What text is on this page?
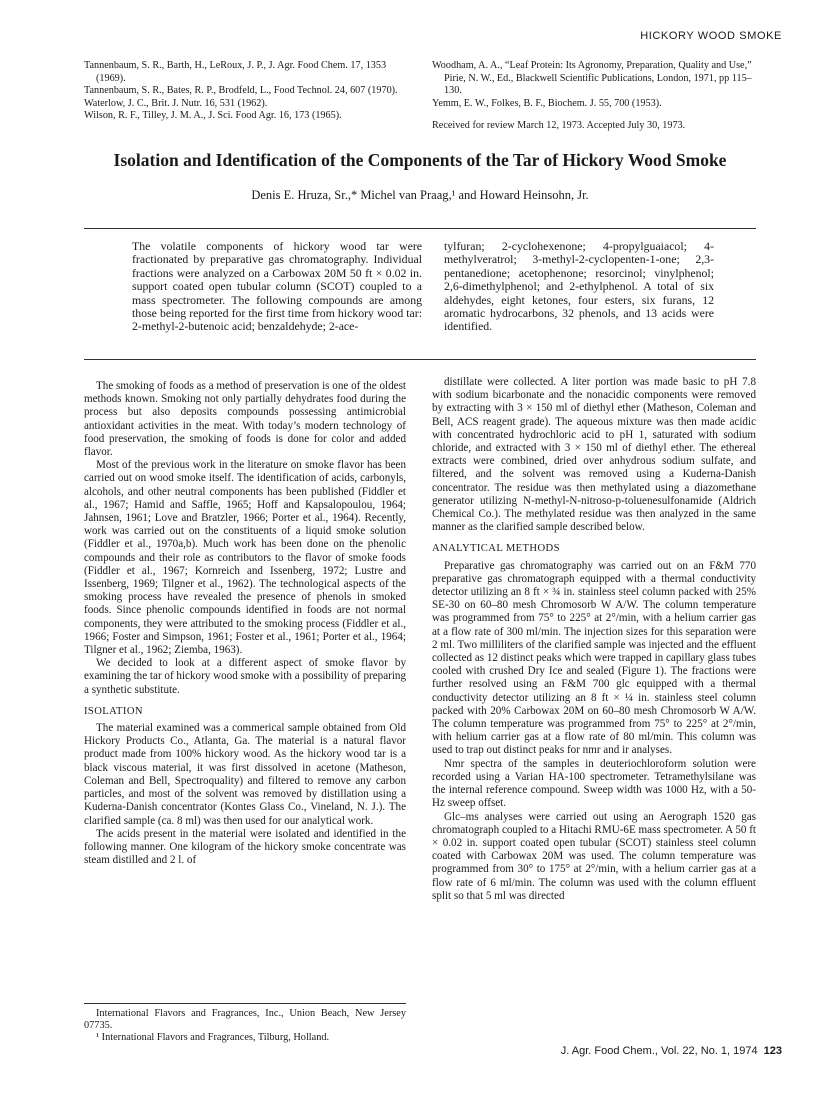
HICKORY WOOD SMOKE

Tannenbaum, S. R., Barth, H., LeRoux, J. P., J. Agr. Food Chem. 17, 1353 (1969).

Tannenbaum, S. R., Bates, R. P., Brodfeld, L., Food Technol. 24, 607 (1970).

Waterlow, J. C., Brit. J. Nutr. 16, 531 (1962).

Wilson, R. F., Tilley, J. M. A., J. Sci. Food Agr. 16, 173 (1965).

Woodham, A. A., “Leaf Protein: Its Agronomy, Preparation, Quality and Use,” Pirie, N. W., Ed., Blackwell Scientific Publications, London, 1971, pp 115–130.

Yemm, E. W., Folkes, B. F., Biochem. J. 55, 700 (1953).

Received for review March 12, 1973. Accepted July 30, 1973.

Isolation and Identification of the Components of the Tar of Hickory Wood Smoke
Denis E. Hruza, Sr.,* Michel van Praag,¹ and Howard Heinsohn, Jr.
The volatile components of hickory wood tar were fractionated by preparative gas chromatography. Individual fractions were analyzed on a Carbowax 20M 50 ft × 0.02 in. support coated open tubular column (SCOT) coupled to a mass spectrometer. The following compounds are among those being reported for the first time from hickory wood tar: 2-methyl-2-butenoic acid; benzaldehyde; 2-ace-
tylfuran; 2-cyclohexenone; 4-propylguaiacol; 4-methylveratrol; 3-methyl-2-cyclopenten-1-one; 2,3-pentanedione; acetophenone; resorcinol; vinylphenol; 2,6-dimethylphenol; and 2-ethylphenol. A total of six aldehydes, eight ketones, four esters, six furans, 12 aromatic hydrocarbons, 32 phenols, and 13 acids were identified.

The smoking of foods as a method of preservation is one of the oldest methods known. Smoking not only partially dehydrates food during the process but also deposits compounds possessing antimicrobial antioxidant activities in the meat. With today’s modern technology of food preservation, the smoking of foods is done for color and added flavor.

Most of the previous work in the literature on smoke flavor has been carried out on wood smoke itself. The identification of acids, carbonyls, alcohols, and other neutral components has been published (Fiddler et al., 1967; Hamid and Saffle, 1965; Hoff and Kapsalopoulou, 1964; Jahnsen, 1961; Love and Bratzler, 1966; Porter et al., 1964). Recently, work was carried out on the constituents of a liquid smoke solution (Fiddler et al., 1970a,b). Much work has been done on the phenolic compounds and their role as contributors to the flavor of smoke foods (Fiddler et al., 1967; Kornreich and Issenberg, 1972; Lustre and Issenberg, 1969; Tilgner et al., 1962). The technological aspects of the smoking process have revealed the presence of phenols in smoked foods. Since phenolic compounds identified in foods are not normal components, they were attributed to the smoking process (Fiddler et al., 1966; Foster and Simpson, 1961; Foster et al., 1961; Porter et al., 1964; Tilgner et al., 1962; Ziemba, 1963).

We decided to look at a different aspect of smoke flavor by examining the tar of hickory wood smoke with a possibility of preparing a synthetic substitute.

ISOLATION

The material examined was a commerical sample obtained from Old Hickory Products Co., Atlanta, Ga. The material is a natural flavor product made from 100% hickory wood. As the hickory wood tar is a black viscous material, it was first dissolved in acetone (Matheson, Coleman and Bell, Spectroquality) and filtered to remove any carbon particles, and most of the solvent was removed by distillation using a Kuderna-Danish concentrator (Kontes Glass Co., Vineland, N. J.). The clarified sample (ca. 8 ml) was then used for our analytical work.

The acids present in the material were isolated and identified in the following manner. One kilogram of the hickory smoke concentrate was steam distilled and 2 l. of

International Flavors and Fragrances, Inc., Union Beach, New Jersey 07735.

¹ International Flavors and Fragrances, Tilburg, Holland.

distillate were collected. A liter portion was made basic to pH 7.8 with sodium bicarbonate and the nonacidic components were removed by extracting with 3 × 150 ml of diethyl ether (Matheson, Coleman and Bell, ACS reagent grade). The aqueous mixture was then made acidic with concentrated hydrochloric acid to pH 1, saturated with sodium chloride, and extracted with 3 × 150 ml of diethyl ether. The ethereal extracts were combined, dried over anhydrous sodium sulfate, and filtered, and the solvent was removed using a Kuderna-Danish concentrator. The residue was then methylated using a diazomethane generator utilizing N-methyl-N-nitroso-p-toluenesulfonamide (Aldrich Chemical Co.). The methylated residue was then analyzed in the same manner as the clarified sample described below.

ANALYTICAL METHODS

Preparative gas chromatography was carried out on an F&M 770 preparative gas chromatograph equipped with a thermal conductivity detector utilizing an 8 ft × ¾ in. stainless steel column packed with 25% SE-30 on 60–80 mesh Chromosorb W A/W. The column temperature was programmed from 75° to 225° at 2°/min, with a helium carrier gas at a flow rate of 300 ml/min. The injection sizes for this separation were 2 ml. Two milliliters of the clarified sample was injected and the effluent collected as 12 distinct peaks which were trapped in capillary glass tubes cooled with crushed Dry Ice and sealed (Figure 1). The fractions were further resolved using an F&M 700 glc equipped with a thermal conductivity detector utilizing an 8 ft × ¼ in. stainless steel column packed with 20% Carbowax 20M on 60–80 mesh Chromosorb W A/W. The column temperature was programmed from 75° to 225° at 2°/min, with helium carrier gas at a flow rate of 80 ml/min. This column was used to trap out distinct peaks for nmr and ir analyses.

Nmr spectra of the samples in deuteriochloroform solution were recorded using a Varian HA-100 spectrometer. Tetramethylsilane was the internal reference compound. Sweep width was 1000 Hz, with a 50-Hz sweep offset.

Glc–ms analyses were carried out using an Aerograph 1520 gas chromatograph coupled to a Hitachi RMU-6E mass spectrometer. A 50 ft × 0.02 in. support coated open tubular (SCOT) stainless steel column coated with Carbowax 20M was used. The column temperature was programmed from 30° to 175° at 2°/min, with a helium carrier gas at a flow rate of 6 ml/min. The column was used with the column effluent split so that 5 ml was directed

J. Agr. Food Chem., Vol. 22, No. 1, 1974 123
